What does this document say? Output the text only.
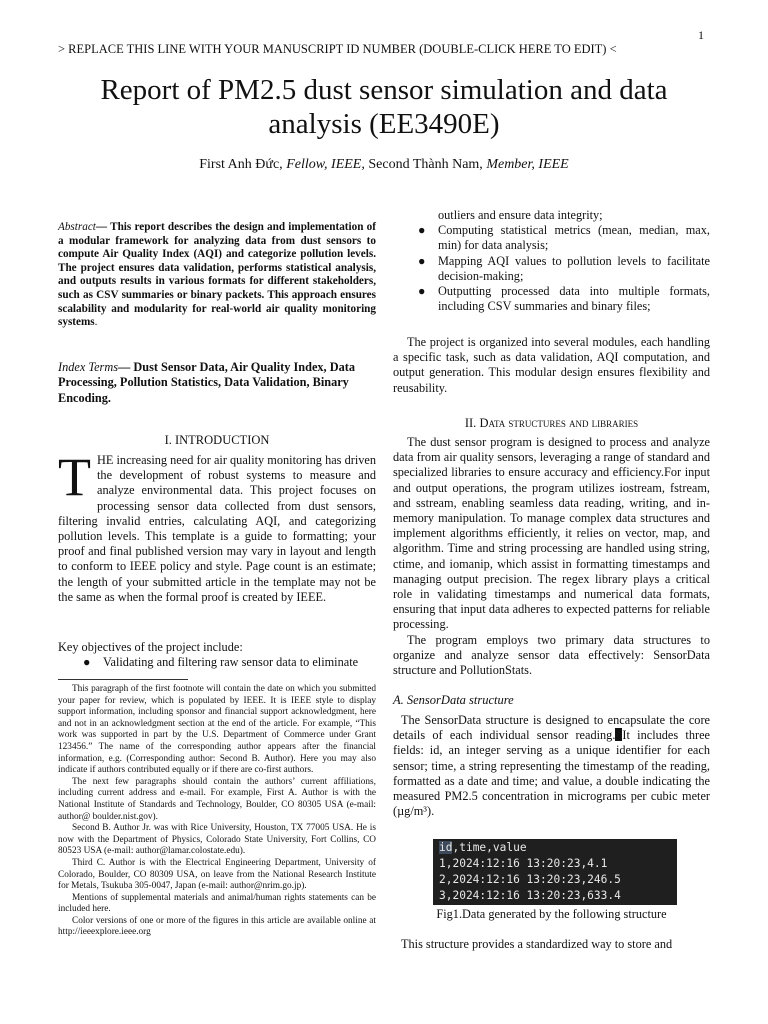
1
> REPLACE THIS LINE WITH YOUR MANUSCRIPT ID NUMBER (DOUBLE-CLICK HERE TO EDIT) <
Report of PM2.5 dust sensor simulation and data analysis (EE3490E)
First Anh Đức, Fellow, IEEE, Second Thành Nam, Member, IEEE

Abstract— This report describes the design and implementation of a modular framework for analyzing data from dust sensors to compute Air Quality Index (AQI) and categorize pollution levels. The project ensures data validation, performs statistical analysis, and outputs results in various formats for different stakeholders, such as CSV summaries or binary packets. This approach ensures scalability and modularity for real-world air quality monitoring systems.

Index Terms— Dust Sensor Data, Air Quality Index, Data Processing, Pollution Statistics, Data Validation, Binary Encoding.

I. INTRODUCTION

THE increasing need for air quality monitoring has driven the development of robust systems to measure and analyze environmental data. This project focuses on processing sensor data collected from dust sensors, filtering invalid entries, calculating AQI, and categorizing pollution levels. This template is a guide to formatting; your proof and final published version may vary in layout and length to conform to IEEE policy and style. Page count is an estimate; the length of your submitted article in the template may not be the same as when the formal proof is created by IEEE.

Key objectives of the project include:

● Validating and filtering raw sensor data to eliminate

This paragraph of the first footnote will contain the date on which you submitted your paper for review, which is populated by IEEE. It is IEEE style to display support information, including sponsor and financial support acknowledgment, here and not in an acknowledgment section at the end of the article. For example, “This work was supported in part by the U.S. Department of Commerce under Grant 123456.” The name of the corresponding author appears after the financial information, e.g. (Corresponding author: Second B. Author). Here you may also indicate if authors contributed equally or if there are co-first authors.

The next few paragraphs should contain the authors’ current affiliations, including current address and e-mail. For example, First A. Author is with the National Institute of Standards and Technology, Boulder, CO 80305 USA (e-mail: author@ boulder.nist.gov).

Second B. Author Jr. was with Rice University, Houston, TX 77005 USA. He is now with the Department of Physics, Colorado State University, Fort Collins, CO 80523 USA (e-mail: author@lamar.colostate.edu).

Third C. Author is with the Electrical Engineering Department, University of Colorado, Boulder, CO 80309 USA, on leave from the National Research Institute for Metals, Tsukuba 305-0047, Japan (e-mail: author@nrim.go.jp).

Mentions of supplemental materials and animal/human rights statements can be included here.

Color versions of one or more of the figures in this article are available online at http://ieeexplore.ieee.org

outliers and ensure data integrity;
● Computing statistical metrics (mean, median, max, min) for data analysis;
● Mapping AQI values to pollution levels to facilitate decision-making;
● Outputting processed data into multiple formats, including CSV summaries and binary files;

The project is organized into several modules, each handling a specific task, such as data validation, AQI computation, and output generation. This modular design ensures flexibility and reusability.

II. Data structures and libraries

The dust sensor program is designed to process and analyze data from air quality sensors, leveraging a range of standard and specialized libraries to ensure accuracy and efficiency.For input and output operations, the program utilizes iostream, fstream, and sstream, enabling seamless data reading, writing, and in-memory manipulation. To manage complex data structures and implement algorithms efficiently, it relies on vector, map, and algorithm. Time and string processing are handled using string, ctime, and iomanip, which assist in formatting timestamps and managing output precision. The regex library plays a critical role in validating timestamps and numerical data formats, ensuring that input data adheres to expected patterns for reliable processing.

The program employs two primary data structures to organize and analyze sensor data effectively: SensorData structure and PollutionStats.

A. SensorData structure

The SensorData structure is designed to encapsulate the core details of each individual sensor reading. It includes three fields: id, an integer serving as a unique identifier for each sensor; time, a string representing the timestamp of the reading, formatted as a date and time; and value, a double indicating the measured PM2.5 concentration in micrograms per cubic meter (µg/m³).

id,time,value
1,2024:12:16 13:20:23,4.1
2,2024:12:16 13:20:23,246.5
3,2024:12:16 13:20:23,633.4

Fig1.Data generated by the following structure

This structure provides a standardized way to store and
